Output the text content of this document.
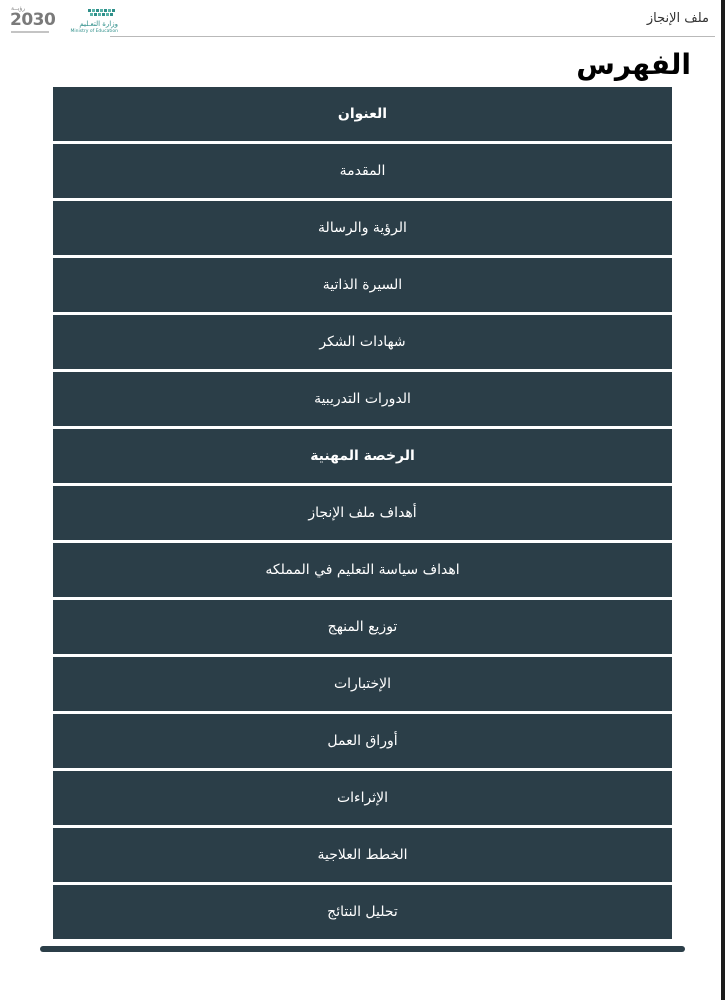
رؤيــة
2030	وزارة التعـليم
Ministry of Education
ملف الإنجاز
الفهرس
العنوان
المقدمة
الرؤية والرسالة
السيرة الذاتية
شهادات الشكر
الدورات التدريبية
الرخصة المهنية
أهداف ملف الإنجاز
اهداف سياسة التعليم في المملكه
توزيع المنهج
الإختبارات
أوراق العمل
الإثراءات
الخطط العلاجية
تحليل النتائج
